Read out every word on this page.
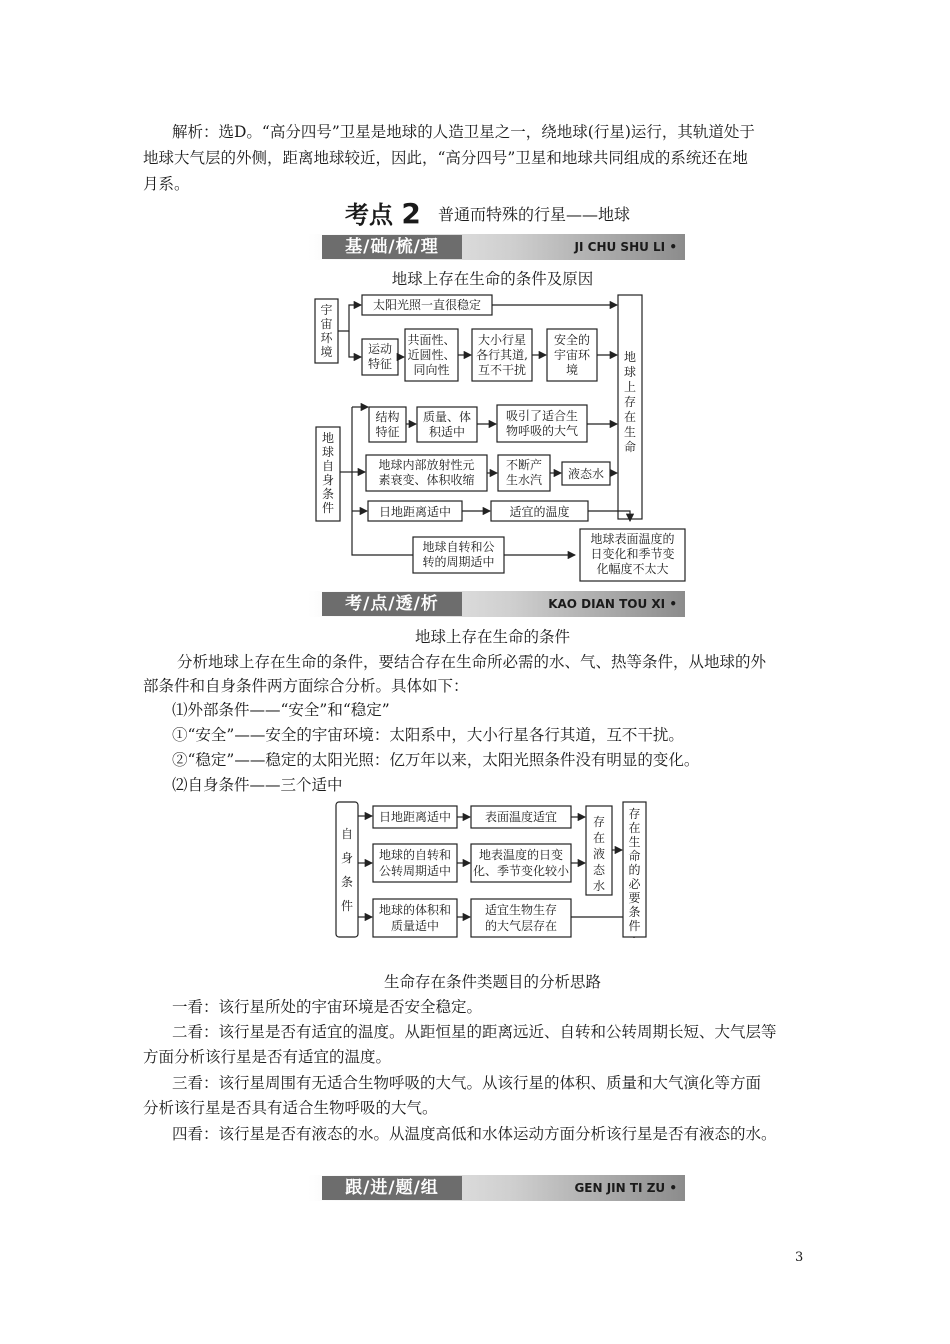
解析：选D。“高分四号”卫星是地球的人造卫星之一，绕地球(行星)运行，其轨道处于
地球大气层的外侧，距离地球较近，因此，“高分四号”卫星和地球共同组成的系统还在地
月系。
考点 2 普通而特殊的行星——地球
基/础/梳/理	JI CHU SHU LI •
地球上存在生命的条件及原因
宇
宙
环
境
太阳光照一直很稳定
运动
特征
共面性、
近圆性、
同向性
大小行星
各行其道,
互不干扰
安全的
宇宙环
境
地
球
上
存
在
生
命
地
球
自
身
条
件
结构
特征
质量、体
积适中
吸引了适合生
物呼吸的大气
地球内部放射性元
素衰变、体积收缩
不断产
生水汽 液态水
日地距离适中	适宜的温度
地球自转和公
转的周期适中
地球表面温度的
日变化和季节变
化幅度不太大
考/点/透/析	KAO DIAN TOU XI •
地球上存在生命的条件
分析地球上存在生命的条件，要结合存在生命所必需的水、气、热等条件，从地球的外
部条件和自身条件两方面综合分析。具体如下：
⑴外部条件——“安全”和“稳定”
①“安全”——安全的宇宙环境：太阳系中，大小行星各行其道，互不干扰。
②“稳定”——稳定的太阳光照：亿万年以来，太阳光照条件没有明显的变化。
⑵自身条件——三个适中
自
身
条
件
日地距离适中	表面温度适宜
地球的自转和
公转周期适中
地表温度的日变
化、季节变化较小
地球的体积和
质量适中
适宜生物生存
的大气层存在
存
在
液
态
水
存
在
生
命
的
必
要
条
件
生命存在条件类题目的分析思路
一看：该行星所处的宇宙环境是否安全稳定。
二看：该行星是否有适宜的温度。从距恒星的距离远近、自转和公转周期长短、大气层等
方面分析该行星是否有适宜的温度。
三看：该行星周围有无适合生物呼吸的大气。从该行星的体积、质量和大气演化等方面
分析该行星是否具有适合生物呼吸的大气。
四看：该行星是否有液态的水。从温度高低和水体运动方面分析该行星是否有液态的水。
跟/进/题/组	GEN JIN TI ZU •
3
